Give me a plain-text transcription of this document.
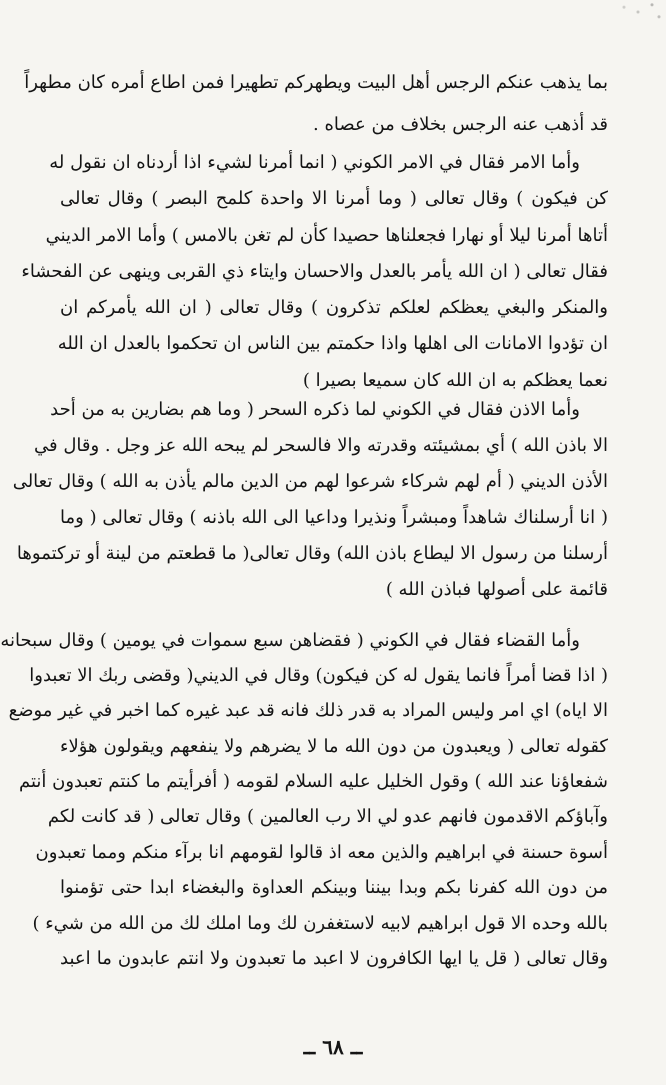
بما يذهب عنكم الرجس أهل البيت ويطهركم تطهيرا فمن اطاع أمره كان مطهراً
قد أذهب عنه الرجس بخلاف من عصاه .
وأما الامر فقال في الامر الكوني ( انما أمرنا لشيء اذا أردناه ان نقول له
كن فيكون ) وقال تعالى ( وما أمرنا الا واحدة كلمح البصر ) وقال تعالى
أتاها أمرنا ليلا أو نهارا فجعلناها حصيدا كأن لم تغن بالامس ) وأما الامر الديني
فقال تعالى ( ان الله يأمر بالعدل والاحسان وايتاء ذي القربى وينهى عن الفحشاء
والمنكر والبغي يعظكم لعلكم تذكرون ) وقال تعالى ( ان الله يأمركم ان
ان تؤدوا الامانات الى اهلها واذا حكمتم بين الناس ان تحكموا بالعدل ان الله
نعما يعظكم به ان الله كان سميعا بصيرا )
وأما الاذن فقال في الكوني لما ذكره السحر ( وما هم بضارين به من أحد
الا باذن الله ) أي بمشيئته وقدرته والا فالسحر لم يبحه الله عز وجل . وقال في
الأذن الديني ( أم لهم شركاء شرعوا لهم من الدين مالم يأذن به الله ) وقال تعالى
( انا أرسلناك شاهداً ومبشراً ونذيرا وداعيا الى الله باذنه ) وقال تعالى ( وما
أرسلنا من رسول الا ليطاع باذن الله) وقال تعالى( ما قطعتم من لينة أو تركتموها
قائمة على أصولها فباذن الله )
وأما القضاء فقال في الكوني ( فقضاهن سبع سموات في يومين ) وقال سبحانه
( اذا قضا أمراً فانما يقول له كن فيكون) وقال في الديني( وقضى ربك الا تعبدوا
الا اياه) اي امر وليس المراد به قدر ذلك فانه قد عبد غيره كما اخبر في غير موضع
كقوله تعالى ( ويعبدون من دون الله ما لا يضرهم ولا ينفعهم ويقولون هؤلاء
شفعاؤنا عند الله ) وقول الخليل عليه السلام لقومه ( أفرأيتم ما كنتم تعبدون أنتم
وآباؤكم الاقدمون فانهم عدو لي الا رب العالمين ) وقال تعالى ( قد كانت لكم
أسوة حسنة في ابراهيم والذين معه اذ قالوا لقومهم انا برآء منكم ومما تعبدون
من دون الله كفرنا بكم وبدا بيننا وبينكم العداوة والبغضاء ابدا حتى تؤمنوا
بالله وحده الا قول ابراهيم لابيه لاستغفرن لك وما املك لك من الله من شيء )
وقال تعالى ( قل يا ايها الكافرون لا اعبد ما تعبدون ولا انتم عابدون ما اعبد
ــ ٦٨ ــ
